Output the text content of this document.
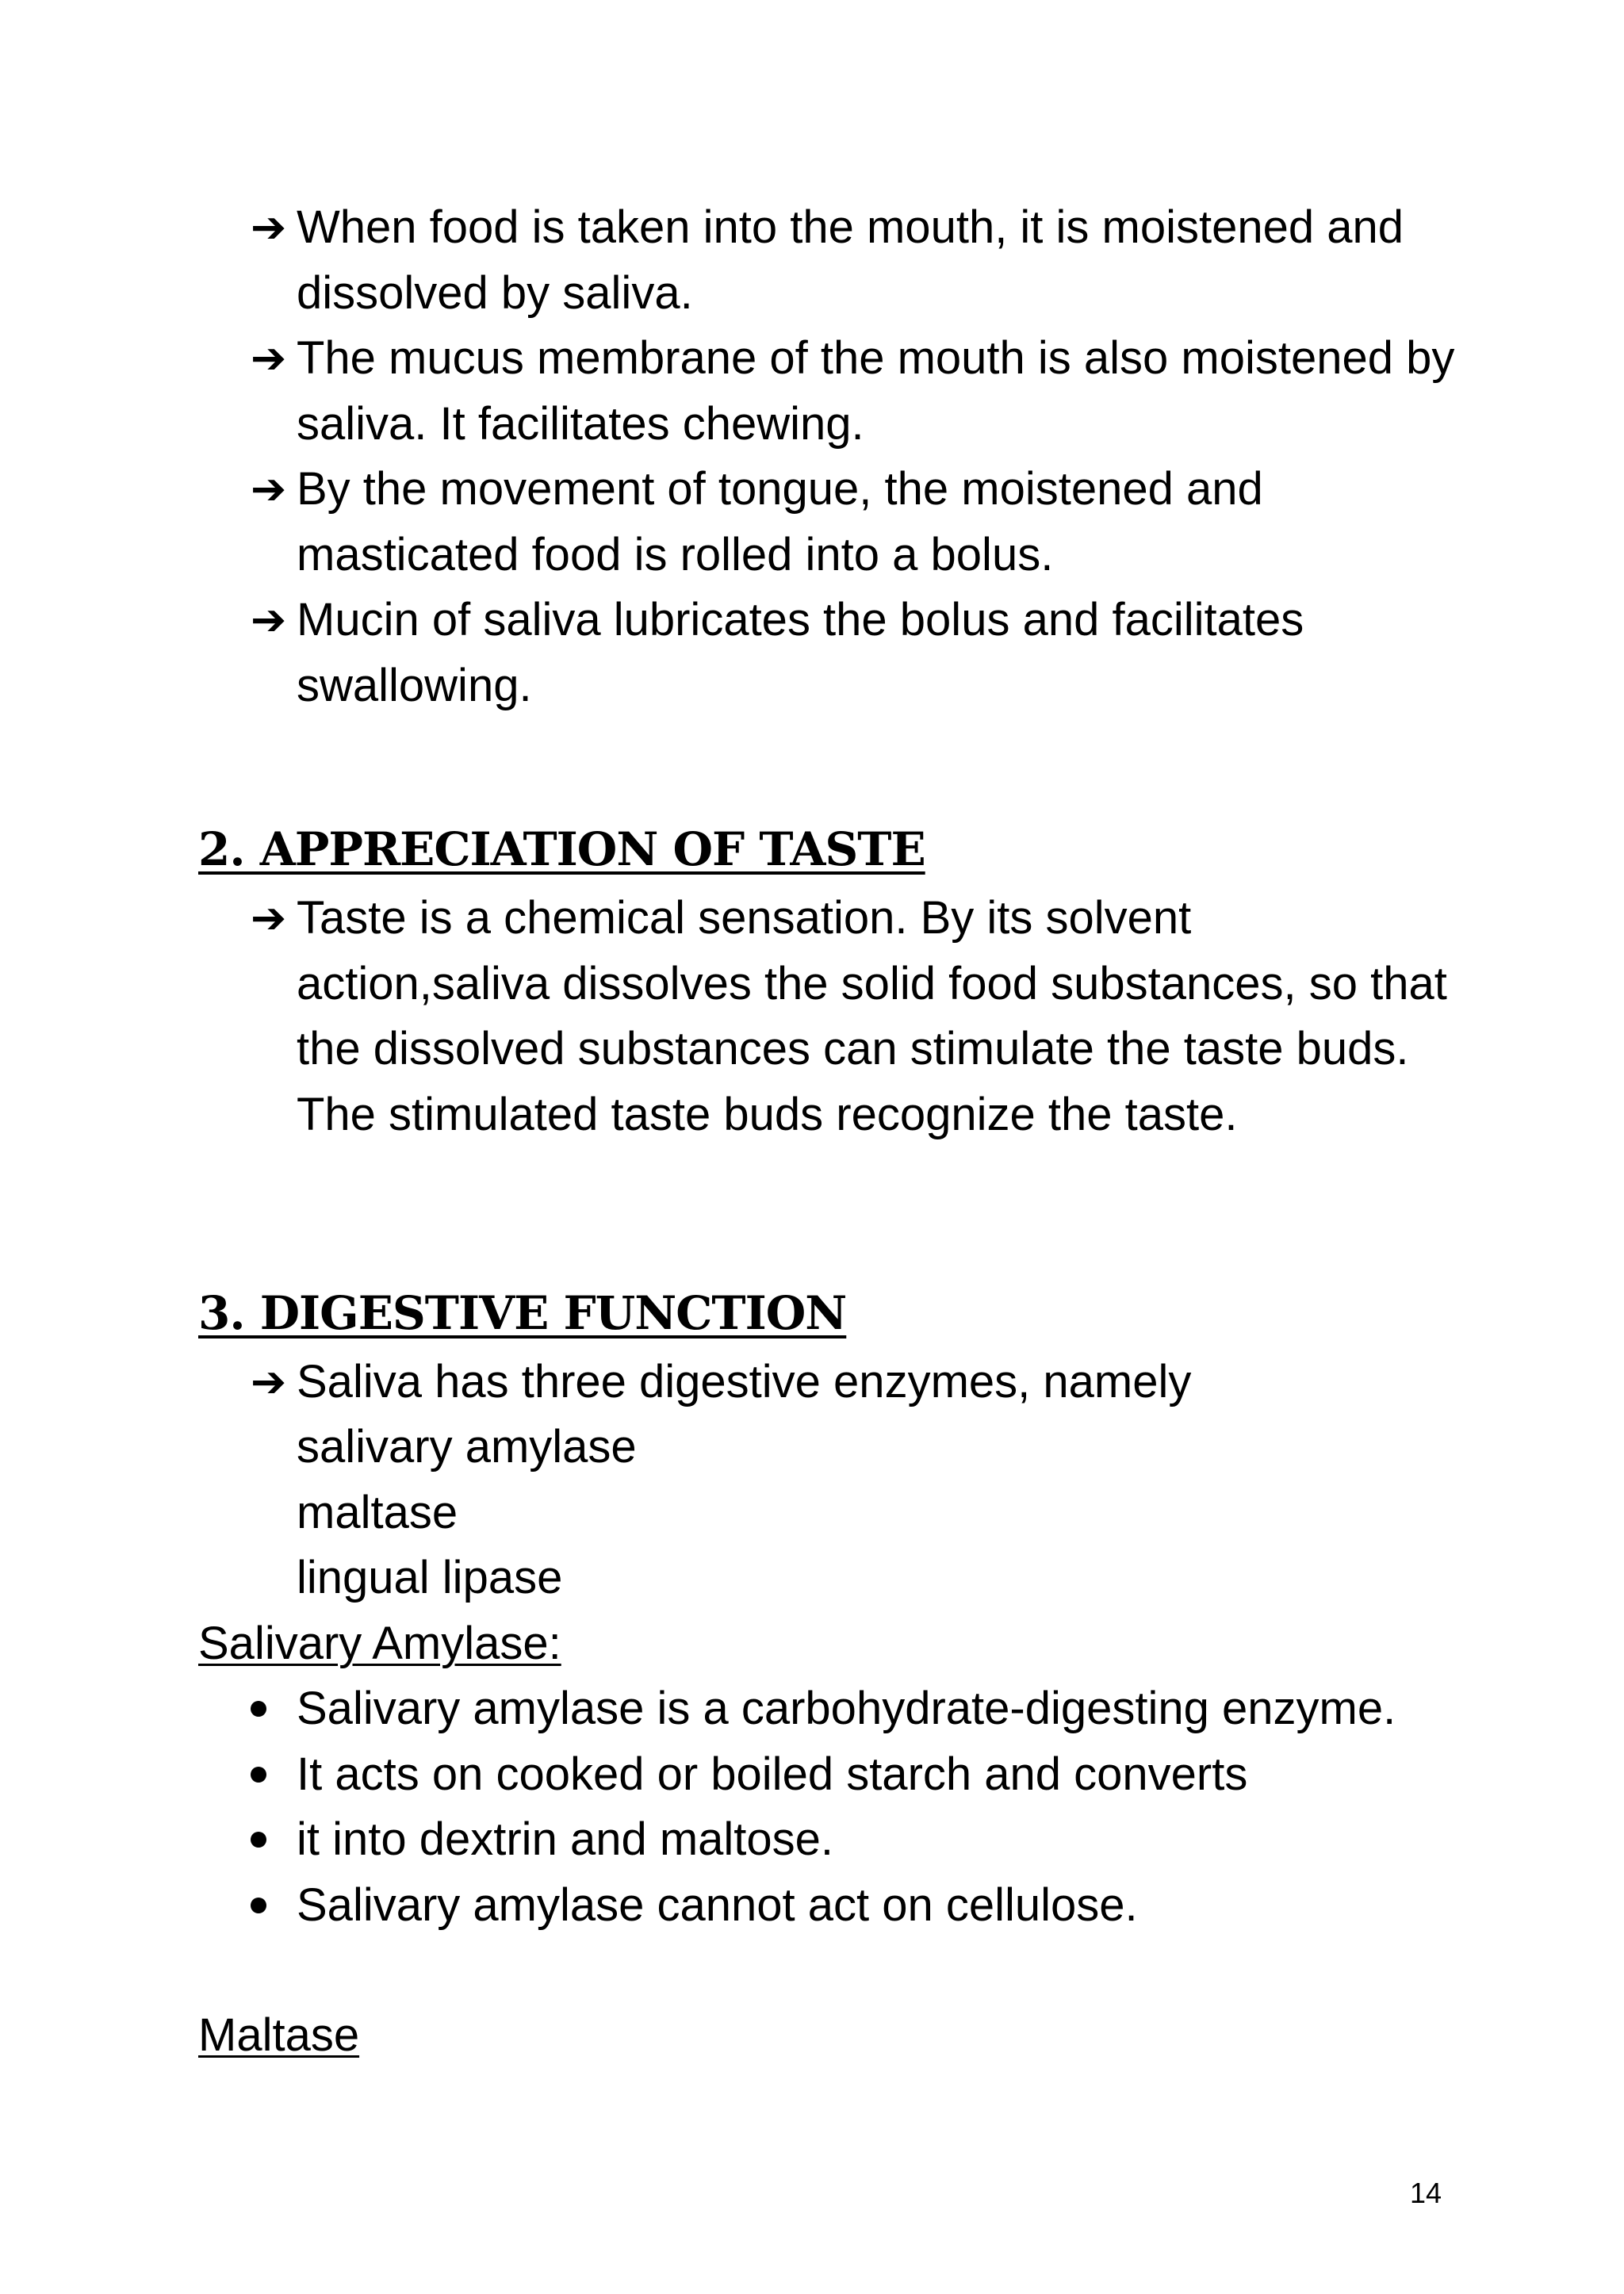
➔ When food is taken into the mouth, it is moistened and dissolved by saliva.
➔ The mucus membrane of the mouth is also moistened by saliva. It facilitates chewing.
➔ By the movement of tongue, the moistened and masticated food is rolled into a bolus.
➔ Mucin of saliva lubricates the bolus and facilitates swallowing.
2. APPRECIATION OF TASTE
➔ Taste is a chemical sensation. By its solvent action,saliva dissolves the solid food substances, so that the dissolved substances can stimulate the taste buds. The stimulated taste buds recognize the taste.
3. DIGESTIVE FUNCTION
➔ Saliva has three digestive enzymes, namely
salivary amylase
maltase
lingual lipase
Salivary Amylase:
Salivary amylase is a carbohydrate-digesting enzyme.
It acts on cooked or boiled starch and converts
it into dextrin and maltose.
Salivary amylase cannot act on cellulose.
Maltase
14
